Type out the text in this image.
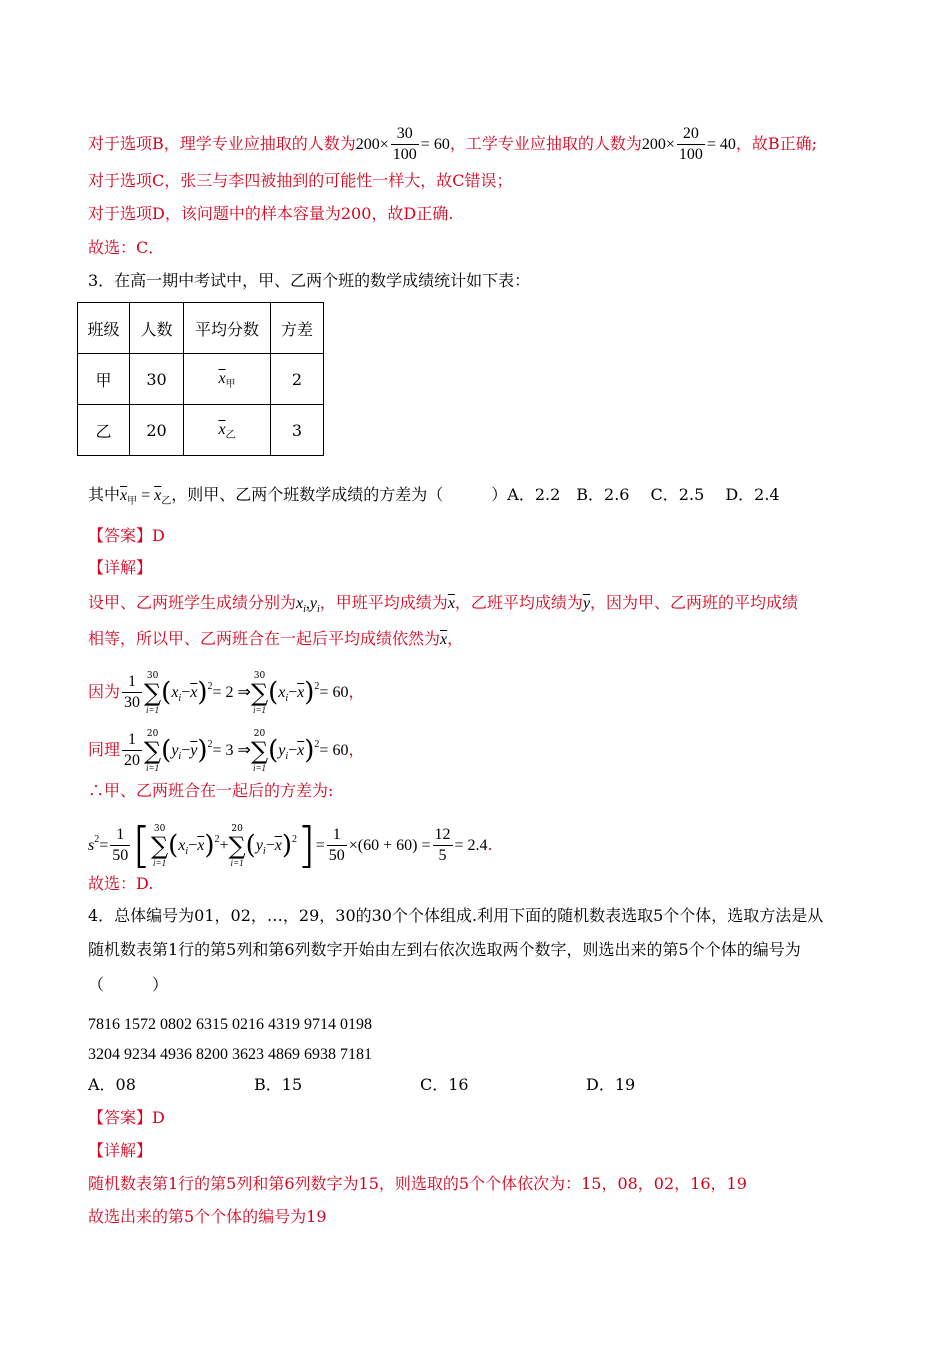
对于选项B，理学专业应抽取的人数为$200\times \frac{30}{100} = 60$，工学专业应抽取的人数为$200\times \frac{20}{100} = 40$，故B正确;
对于选项C，张三与李四被抽到的可能性一样大，故C错误；
对于选项D，该问题中的样本容量为200，故D正确.
故选：C．
3．在高一期中考试中，甲、乙两个班的数学成绩统计如下表：
班级	人数	平均分数	方差
甲	30	$\overline{x}_甲$	2
乙	20	$\overline{x}_乙$	3
其中$\overline{x}_甲 = \overline{x}_乙$，则甲、乙两个班数学成绩的方差为（　　　）A．2.2　B．2.6　 C．2.5　 D．2.4
【答案】D
【详解】
设甲、乙两班学生成绩分别为$x_i,y_i$，甲班平均成绩为$\overline{x}$，乙班平均成绩为$\overline{y}$，因为甲、乙两班的平均成绩
相等，所以甲、乙两班合在一起后平均成绩依然为$\overline{x}$，
因为 $\frac{1}{30} 30$
∑
i=1
$(x_i-\overline{x})^2= 2$ ⇒
30
∑
i=1
$(x_i-\overline{x})^2= 60$，
同理 $\frac{1}{20} 20$
∑
i=1
$(y_i-\overline{y})^2= 3$ ⇒
20
∑
i=1
$(y_i-\overline{x})^2= 60$，
∴甲、乙两班合在一起后的方差为:
$s^2= \frac{1}{50}$ [ 30
∑
i=1
$(x_i-\overline{x})^2+$
20
∑
i=1
$(y_i-\overline{x})^2]= \frac{1}{50} \times(60 + 60) = \frac{12}{5} = 2.4$.
故选：D.
4．总体编号为01，02，…，29，30的30个个体组成.利用下面的随机数表选取5个个体，选取方法是从
随机数表第1行的第5列和第6列数字开始由左到右依次选取两个数字，则选出来的第5个个体的编号为
（　　　）
7816 1572 0802 6315 0216 4319 9714 0198
3204 9234 4936 8200 3623 4869 6938 7181
A．08	B．15	C．16	D．19
【答案】D
【详解】
随机数表第1行的第5列和第6列数字为15，则选取的5个个体依次为：15，08，02，16，19
故选出来的第5个个体的编号为19
